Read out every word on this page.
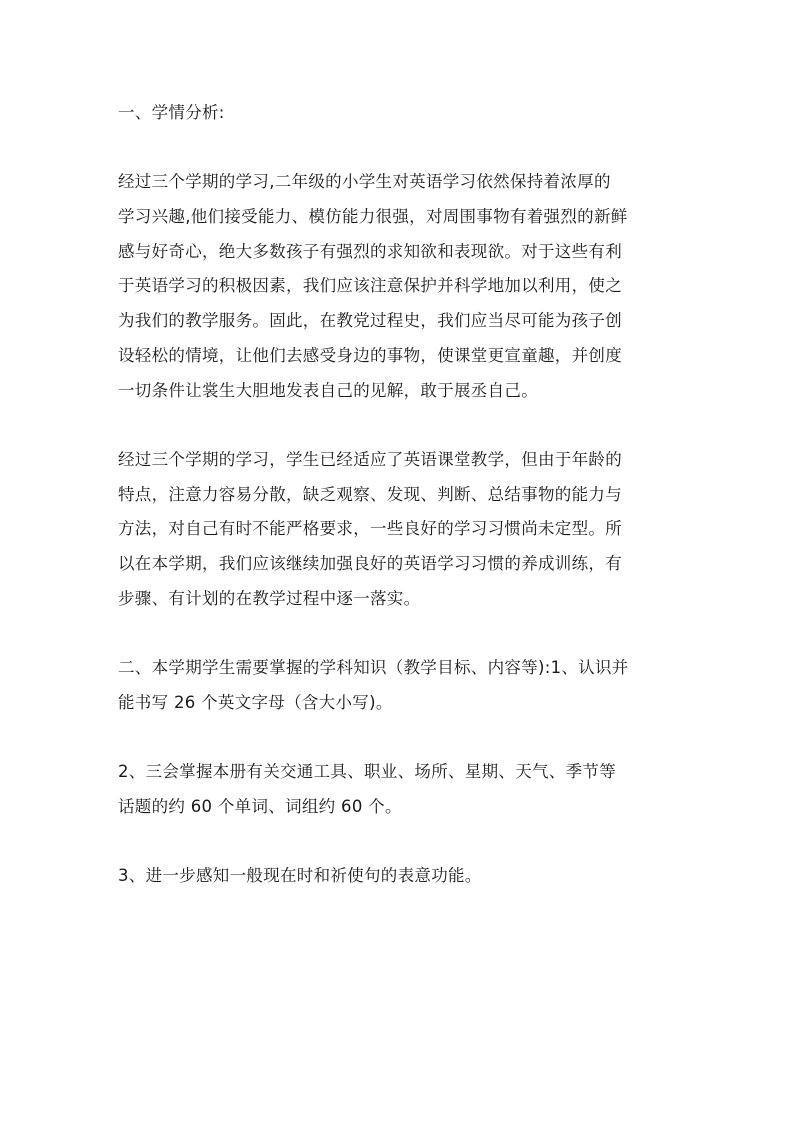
一、学情分析:
经过三个学期的学习,二年级的小学生对英语学习依然保持着浓厚的
学习兴趣,他们接受能力、模仿能力很强，对周围事物有着强烈的新鲜
感与好奇心，绝大多数孩子有强烈的求知欲和表现欲。对于这些有利
于英语学习的积极因素，我们应该注意保护并科学地加以利用，使之
为我们的教学服务。固此，在教党过程史，我们应当尽可能为孩子创
设轻松的情境，让他们去感受身边的事物，使课堂更宣童趣，并创度
一切条件让裳生大胆地发表自己的见解，敢于展丞自己。
经过三个学期的学习，学生已经适应了英语课堂教学，但由于年龄的
特点，注意力容易分散，缺乏观察、发现、判断、总结事物的能力与
方法，对自己有时不能严格要求，一些良好的学习习惯尚未定型。所
以在本学期，我们应该继续加强良好的英语学习习惯的养成训练，有
步骤、有计划的在教学过程中逐一落实。
二、本学期学生需要掌握的学科知识（教学目标、内容等):1、认识并
能书写 26 个英文字母（含大小写)。
2、三会掌握本册有关交通工具、职业、场所、星期、天气、季节等
话题的约 60 个单词、词组约 60 个。
3、进一步感知一般现在时和祈使句的表意功能。
